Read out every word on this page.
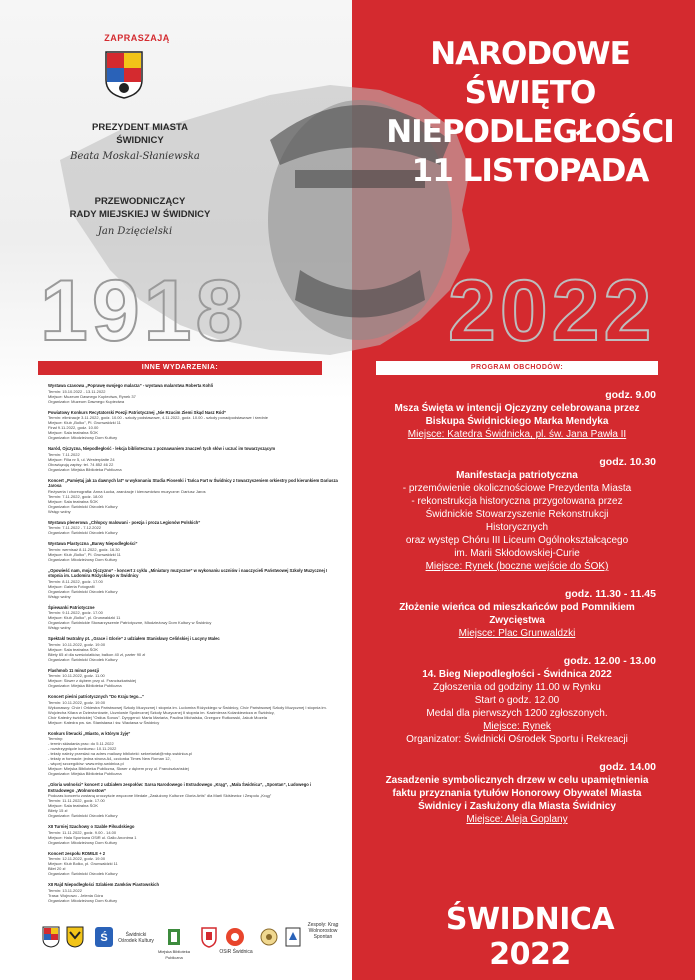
1918 2022
ZAPRASZAJĄ
PREZYDENT MIASTA
ŚWIDNICY
Beata Moskal-Słaniewska
PRZEWODNICZĄCY
RADY MIEJSKIEJ W ŚWIDNICY
Jan Dzięcielski
NARODOWE
ŚWIĘTO
NIEPODLEGŁOŚCI
11 LISTOPADA
INNE WYDARZENIA:	PROGRAM OBCHODÓW:
Wystawa czasowa „Poprawę swojego malarza” - wystawa malarstwa Roberta Kohli
Termin: 15.10.2022 - 13.11.2022
Miejsce: Muzeum Dawnego Kupiectwa, Rynek 37
Organizator: Muzeum Dawnego Kupiectwa
Powiatowy Konkurs Recytatorski Poezji Patriotycznej „Nie Rzucim Ziemi Skąd Nasz Ród”
Termin: eliminacje 3.11.2022, godz. 10.00 - szkoły podstawowe, 4.11.2022, godz. 10.00 - szkoły ponadpodstawowe i średnie
Miejsce: Klub „Bolko”, Pl. Grunwaldzki 11
Finał 9.11.2022, godz. 10.00
Miejsce: Sala teatralna ŚOK
Organizator: Młodzieżowy Dom Kultury
Naród, Ojczyzna, Niepodległość - lekcja biblioteczna z poznawaniem znaczeń tych słów i uczuć im towarzyszącym
Termin: 7.11.2022
Miejsce: Filia nr 5, ul. Westerplatte 24
Obowiązują zapisy: tel. 74 852 46 22
Organizator: Miejska Biblioteka Publiczna
Koncert „Pamiętaj jak za dawnych lat” w wykonaniu Studia Piosenki i Tańca Fart w Świdnicy z towarzyszeniem orkiestry pod kierunkiem Dariusza Jarosa
Reżyseria i choreografia: Anna Łucka, aranżacje i kierownictwo muzyczne: Dariusz Jaros
Termin: 7.11.2022, godz. 18.00
Miejsce: Sala teatralna ŚOK
Organizator: Świdnicki Ośrodek Kultury
Wstęp wolny
Wystawa plenerowa „Chłopcy malowani - poezja i proza Legionów Polskich”
Termin: 7.11.2022 - 7.12.2022
Organizator: Świdnicki Ośrodek Kultury
Wystawa Plastyczna „Barwy Niepodległości”
Termin: wernisaż 8.11.2022, godz. 16.30
Miejsce: Klub „Bolko”, Pl. Grunwaldzki 11
Organizator: Młodzieżowy Dom Kultury
„Opowieść nam, moja Ojczyzno” - koncert z cyklu „Miniatury muzyczne” w wykonaniu uczniów i nauczycieli Państwowej Szkoły Muzycznej I stopnia im. Ludomira Różyckiego w Świdnicy
Termin: 8.11.2022, godz. 17.00
Miejsce: Galeria Fotografii
Organizator: Świdnicki Ośrodek Kultury
Wstęp wolny
Śpiewanki Patriotyczne
Termin: 9.11.2022, godz. 17.00
Miejsce: Klub „Bolko”, pl. Grunwaldzki 11
Organizator: Świdnickie Stowarzyszenie Patriotyczne, Młodzieżowy Dom Kultury w Świdnicy
Wstęp wolny
Spektakl teatralny pt. „Grace i Glorie” z udziałem Stanisławy Celińskiej i Lucyny Malec
Termin: 10.11.2022, godz. 19.00
Miejsce: Sala teatralna ŚOK
Bilety 65 zł dla sześciolatków, balkon 40 zł, parter 90 zł
Organizator: Świdnicki Ośrodek Kultury
Flashmob 11 minut poezji
Termin: 10.11.2022, godz. 11.00
Miejsce: Skwer z dębem przy ul. Franciszkańskiej
Organizator: Miejska Biblioteka Publiczna
Koncert pieśni patriotycznych "Do Kraju tego..."
Termin: 10.11.2022, godz. 19.00
Wykonawcy: Chór I Orkiestra Państwowej Szkoły Muzycznej I stopnia im. Ludomira Różyckiego w Świdnicy, Chór Państwowej Szkoły Muzycznej I stopnia im. Wojciecha Kilara w Dzierżoniowie, Uczniowie Społecznej Szkoły Muzycznej II stopnia im. Kazimierza Kolankiewicza w Świdnicy,
Chór Katedry świdnickiej "Ostius Sonus". Dyrygenci: Marta Mariańa, Paulina Michalska, Grzegorz Rutkowski, Jakub Mozela
Miejsce: Katedra pw. św. Stanisława i św. Wacława w Świdnicy
Konkurs literacki „Miasto, w którym żyję”
Terminy:
- termin składania prac: do 5.11.2022
- rozstrzygnięcie konkursu: 10.11.2022
- teksty należy przesłać na adres mailowy biblioteki: sekretariat@mbp.swidnica.pl
- teksty w formacie: jedna strona A4, czcionka Times New Roman 12,
- więcej szczegółów: www.mbp.swidnica.pl
Miejsce: Miejska Biblioteka Publiczna, Skwer z dębem przy ul. Franciszkańskiej
Organizator: Miejska Biblioteka Publiczna
„Gloria wolności” koncert z udziałem zespołów: Sarsa Narodowego i Estradowego „Krąg”, „Mała Świdnica”, „Spontan”, Ludowego i Estradowego „Wolnorostow”
Podczas koncertu zostaną uroczyście wręczone Medale „Zasłużony Kulturze Gloria Artis” dla Marii Skiślewicz i Zespołu „Krąg”
Termin: 11.11.2022, godz. 17.00
Miejsce: Sala teatralna ŚOK
Bilety 15 zł
Organizator: Świdnicki Ośrodek Kultury
XII Turniej Szachowy o Szable Piłsudskiego
Termin: 11.11.2022, godz. 9.00 - 14.00
Miejsce: Hala Sportowa OSiR ul. Gallo Anonima 1
Organizator: Młodzieżowy Dom Kultury
Koncert zespołu ROMILE + 2
Termin: 12.11.2022, godz. 19.00
Miejsce: Klub Bolko, pl. Grunwaldzki 11
Bilet 20 zł
Organizator: Świdnicki Ośrodek Kultury
XII Rajd Niepodległości Szlakiem Zamków Piastowskich
Termin: 13.11.2022
Trasa: Wojnowo - Jelenia Góra
Organizator: Młodzieżowy Dom Kultury
godz. 9.00
Msza Święta w intencji Ojczyzny celebrowana przez Biskupa Świdnickiego Marka Mendyka
Miejsce: Katedra Świdnicka, pl. św. Jana Pawła II
godz. 10.30
Manifestacja patriotyczna
- przemówienie okolicznościowe Prezydenta Miasta
- rekonstrukcja historyczna przygotowana przez
Świdnickie Stowarzyszenie Rekonstrukcji
Historycznych
oraz występ Chóru III Liceum Ogólnokształcącego
im. Marii Skłodowskiej-Curie
Miejsce: Rynek (boczne wejście do ŚOK)
godz. 11.30 - 11.45
Złożenie wieńca od mieszkańców pod Pomnikiem Zwycięstwa
Miejsce: Plac Grunwaldzki
godz. 12.00 - 13.00
14. Bieg Niepodległości - Świdnica 2022
Zgłoszenia od godziny 11.00 w Rynku
Start o godz. 12.00
Medal dla pierwszych 1200 zgłoszonych.
Miejsce: Rynek
Organizator: Świdnicki Ośrodek Sportu i Rekreacji
godz. 14.00
Zasadzenie symbolicznych drzew w celu upamiętnienia faktu przyznania tytułów Honorowy Obywatel Miasta Świdnicy i Zasłużony dla Miasta Świdnicy
Miejsce: Aleja Goplany
ŚWIDNICA 2022
Ś	Świdnicki Ośrodek Kultury
Miejska Biblioteka Publiczna
OSiR Świdnica
Zespoły: Krąg Wolnorostow Spontan
